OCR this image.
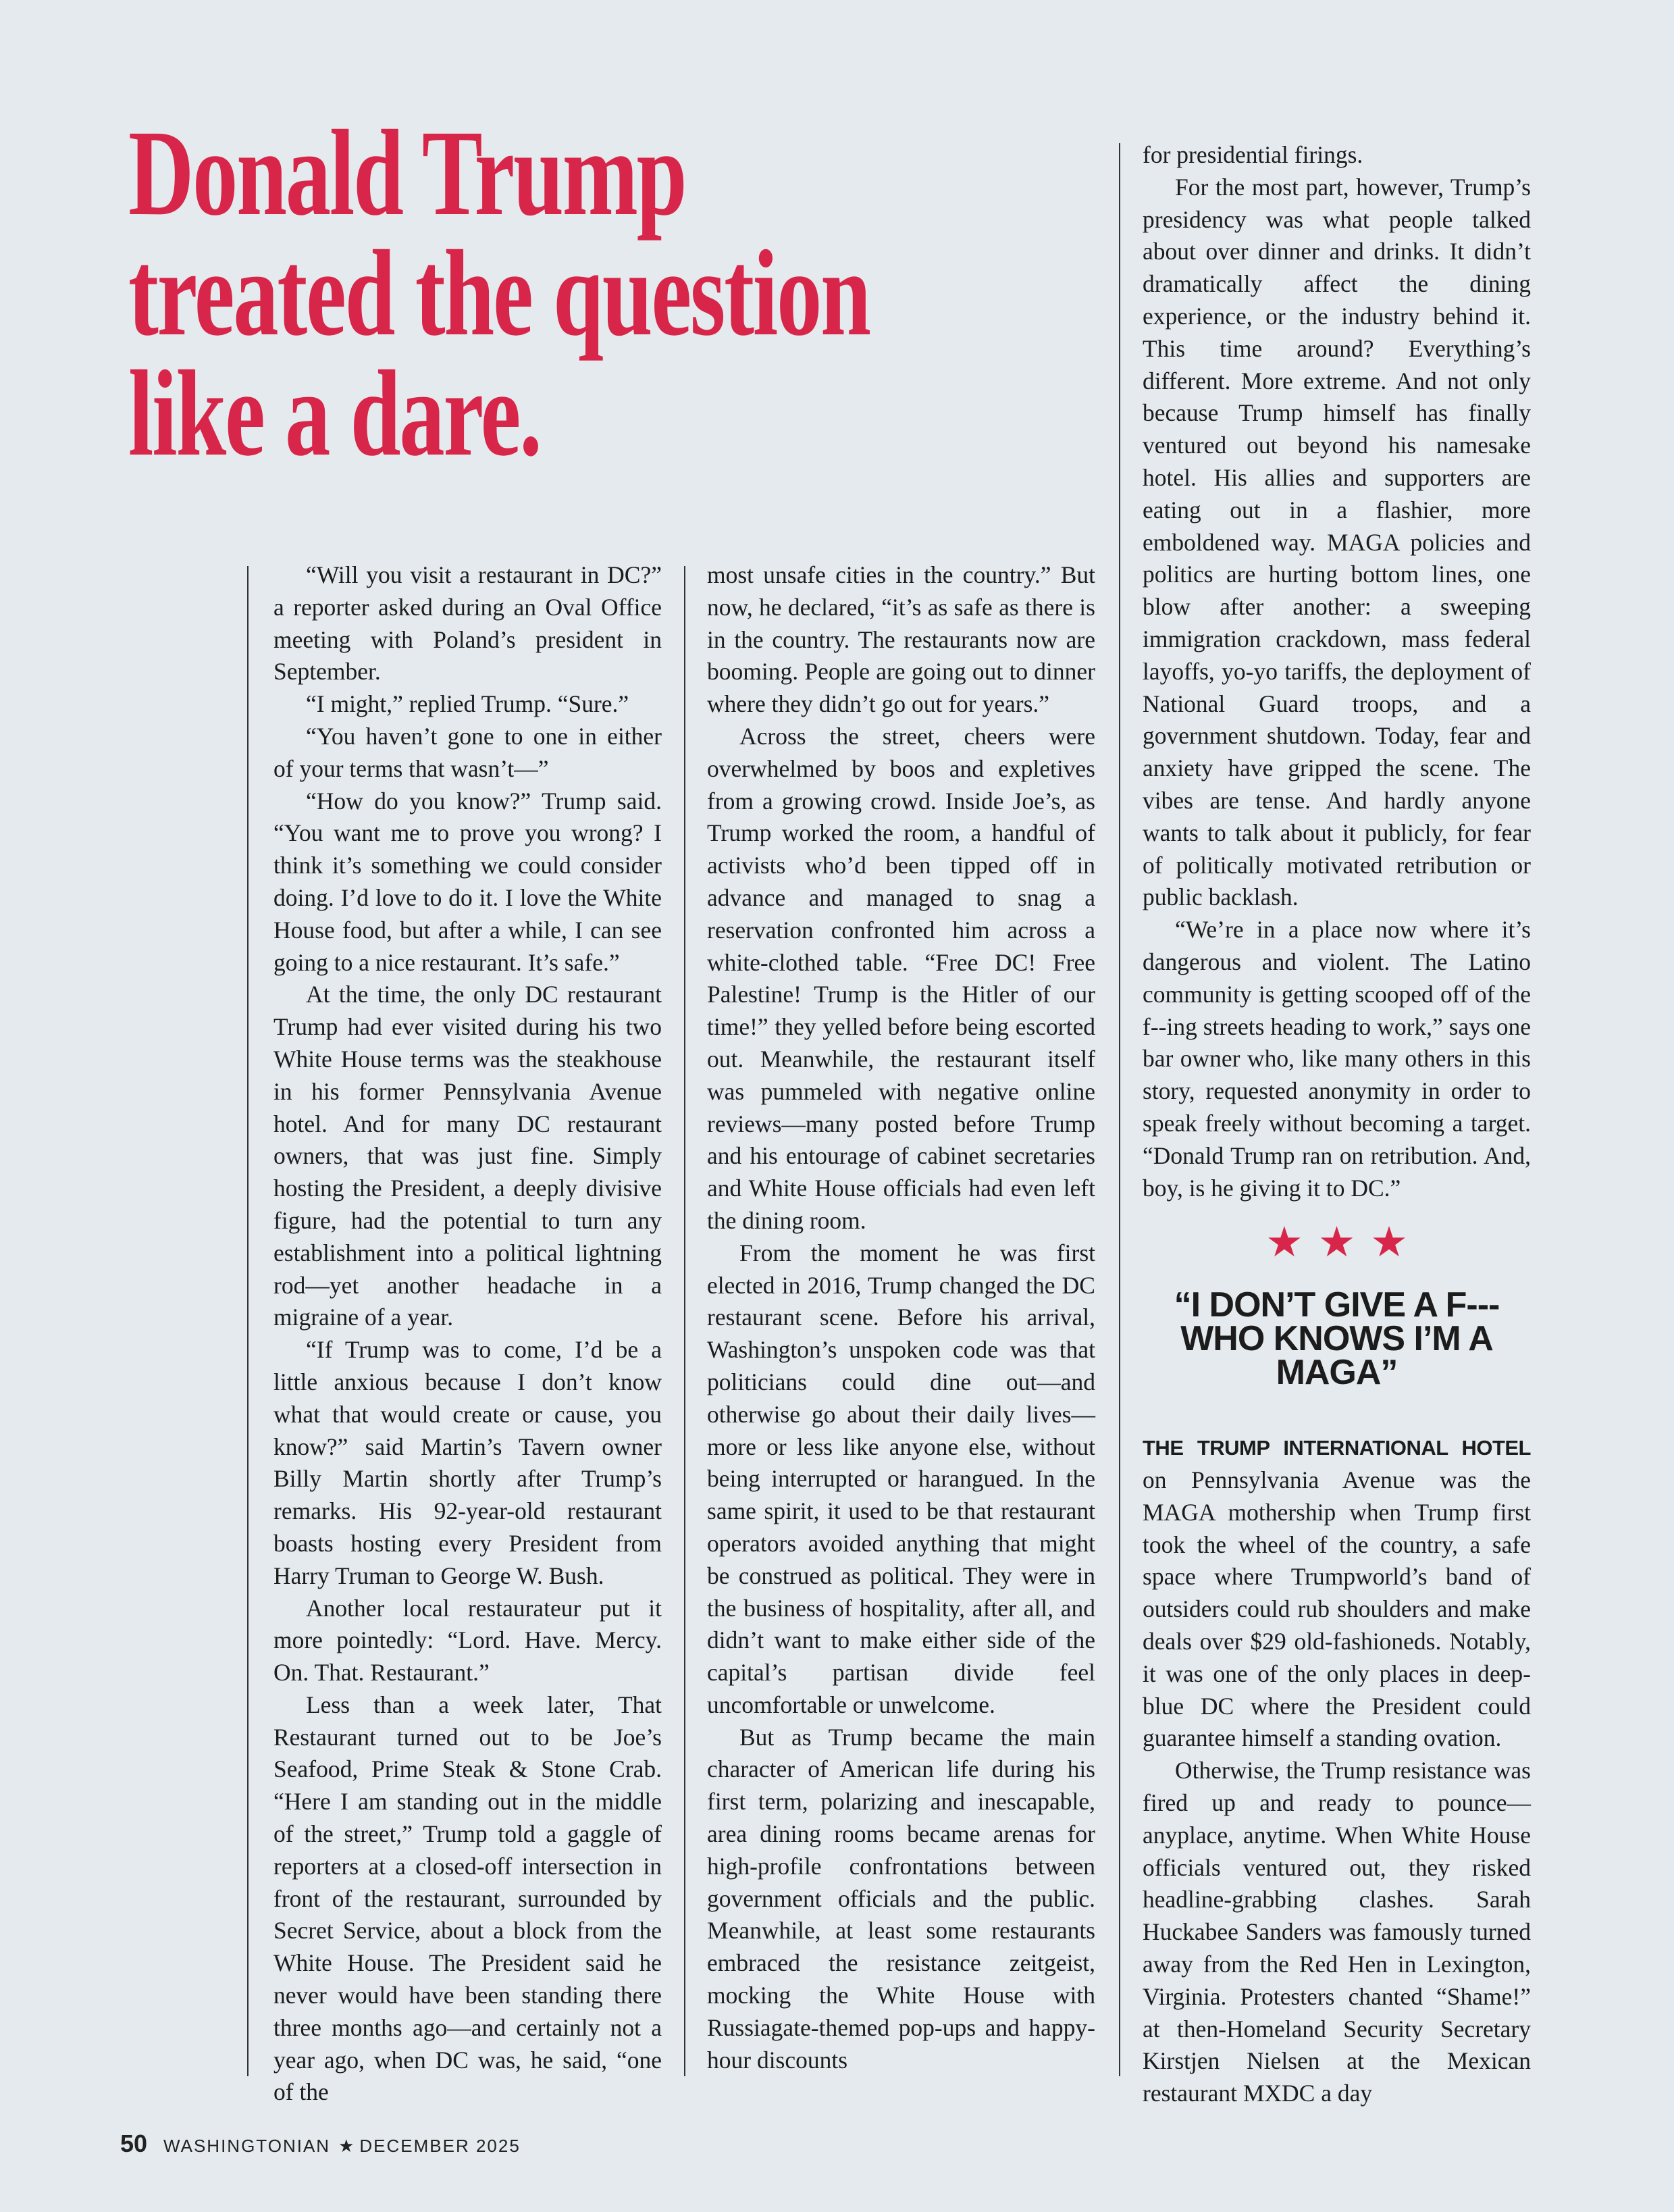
Donald Trump
treated the question
like a dare.

“Will you visit a restaurant in DC?” a reporter asked during an Oval Office meeting with Poland’s president in September.

“I might,” replied Trump. “Sure.”

“You haven’t gone to one in either of your terms that wasn’t—”

“How do you know?” Trump said. “You want me to prove you wrong? I think it’s something we could consider doing. I’d love to do it. I love the White House food, but after a while, I can see going to a nice restaurant. It’s safe.”

At the time, the only DC restaurant Trump had ever visited during his two White House terms was the steakhouse in his former Pennsylvania Avenue hotel. And for many DC restaurant owners, that was just fine. Simply hosting the President, a deeply divisive figure, had the potential to turn any establishment into a political lightning rod—yet another headache in a migraine of a year.

“If Trump was to come, I’d be a little anxious because I don’t know what that would create or cause, you know?” said Martin’s Tavern owner Billy Martin shortly after Trump’s remarks. His 92-year-old restaurant boasts hosting every President from Harry Truman to George W. Bush.

Another local restaurateur put it more pointedly: “Lord. Have. Mercy. On. That. Restaurant.”

Less than a week later, That Restaurant turned out to be Joe’s Seafood, Prime Steak & Stone Crab. “Here I am standing out in the middle of the street,” Trump told a gaggle of reporters at a closed-off intersection in front of the restaurant, surrounded by Secret Service, about a block from the White House. The President said he never would have been standing there three months ago—and certainly not a year ago, when DC was, he said, “one of the

most unsafe cities in the country.” But now, he declared, “it’s as safe as there is in the country. The restaurants now are booming. People are going out to dinner where they didn’t go out for years.”

Across the street, cheers were overwhelmed by boos and expletives from a growing crowd. Inside Joe’s, as Trump worked the room, a handful of activists who’d been tipped off in advance and managed to snag a reservation confronted him across a white-clothed table. “Free DC! Free Palestine! Trump is the Hitler of our time!” they yelled before being escorted out. Meanwhile, the restaurant itself was pummeled with negative online reviews—many posted before Trump and his entourage of cabinet secretaries and White House officials had even left the dining room.

From the moment he was first elected in 2016, Trump changed the DC restaurant scene. Before his arrival, Washington’s unspoken code was that politicians could dine out—and otherwise go about their daily lives—more or less like anyone else, without being interrupted or harangued. In the same spirit, it used to be that restaurant operators avoided anything that might be construed as political. They were in the business of hospitality, after all, and didn’t want to make either side of the capital’s partisan divide feel uncomfortable or unwelcome.

But as Trump became the main character of American life during his first term, polarizing and inescapable, area dining rooms became arenas for high-profile confrontations between government officials and the public. Meanwhile, at least some restaurants embraced the resistance zeitgeist, mocking the White House with Russiagate-themed pop-ups and happy-hour discounts

for presidential firings.

For the most part, however, Trump’s presidency was what people talked about over dinner and drinks. It didn’t dramatically affect the dining experience, or the industry behind it. This time around? Everything’s different. More extreme. And not only because Trump himself has finally ventured out beyond his namesake hotel. His allies and supporters are eating out in a flashier, more emboldened way. MAGA policies and politics are hurting bottom lines, one blow after another: a sweeping immigration crackdown, mass federal layoffs, yo-yo tariffs, the deployment of National Guard troops, and a government shutdown. Today, fear and anxiety have gripped the scene. The vibes are tense. And hardly anyone wants to talk about it publicly, for fear of politically motivated retribution or public backlash.

“We’re in a place now where it’s dangerous and violent. The Latino community is getting scooped off of the f--ing streets heading to work,” says one bar owner who, like many others in this story, requested anonymity in order to speak freely without becoming a target. “Donald Trump ran on retribution. And, boy, is he giving it to DC.”

★★★
“I DON’T GIVE A F--- WHO KNOWS I’M A MAGA”

THE TRUMP INTERNATIONAL HOTEL on Pennsylvania Avenue was the MAGA mothership when Trump first took the wheel of the country, a safe space where Trumpworld’s band of outsiders could rub shoulders and make deals over $29 old-fashioneds. Notably, it was one of the only places in deep-blue DC where the President could guarantee himself a standing ovation.

Otherwise, the Trump resistance was fired up and ready to pounce—anyplace, anytime. When White House officials ventured out, they risked headline-grabbing clashes. Sarah Huckabee Sanders was famously turned away from the Red Hen in Lexington, Virginia. Protesters chanted “Shame!” at then-Homeland Security Secretary Kirstjen Nielsen at the Mexican restaurant MXDC a day

50 WASHINGTONIAN ★ DECEMBER 2025
